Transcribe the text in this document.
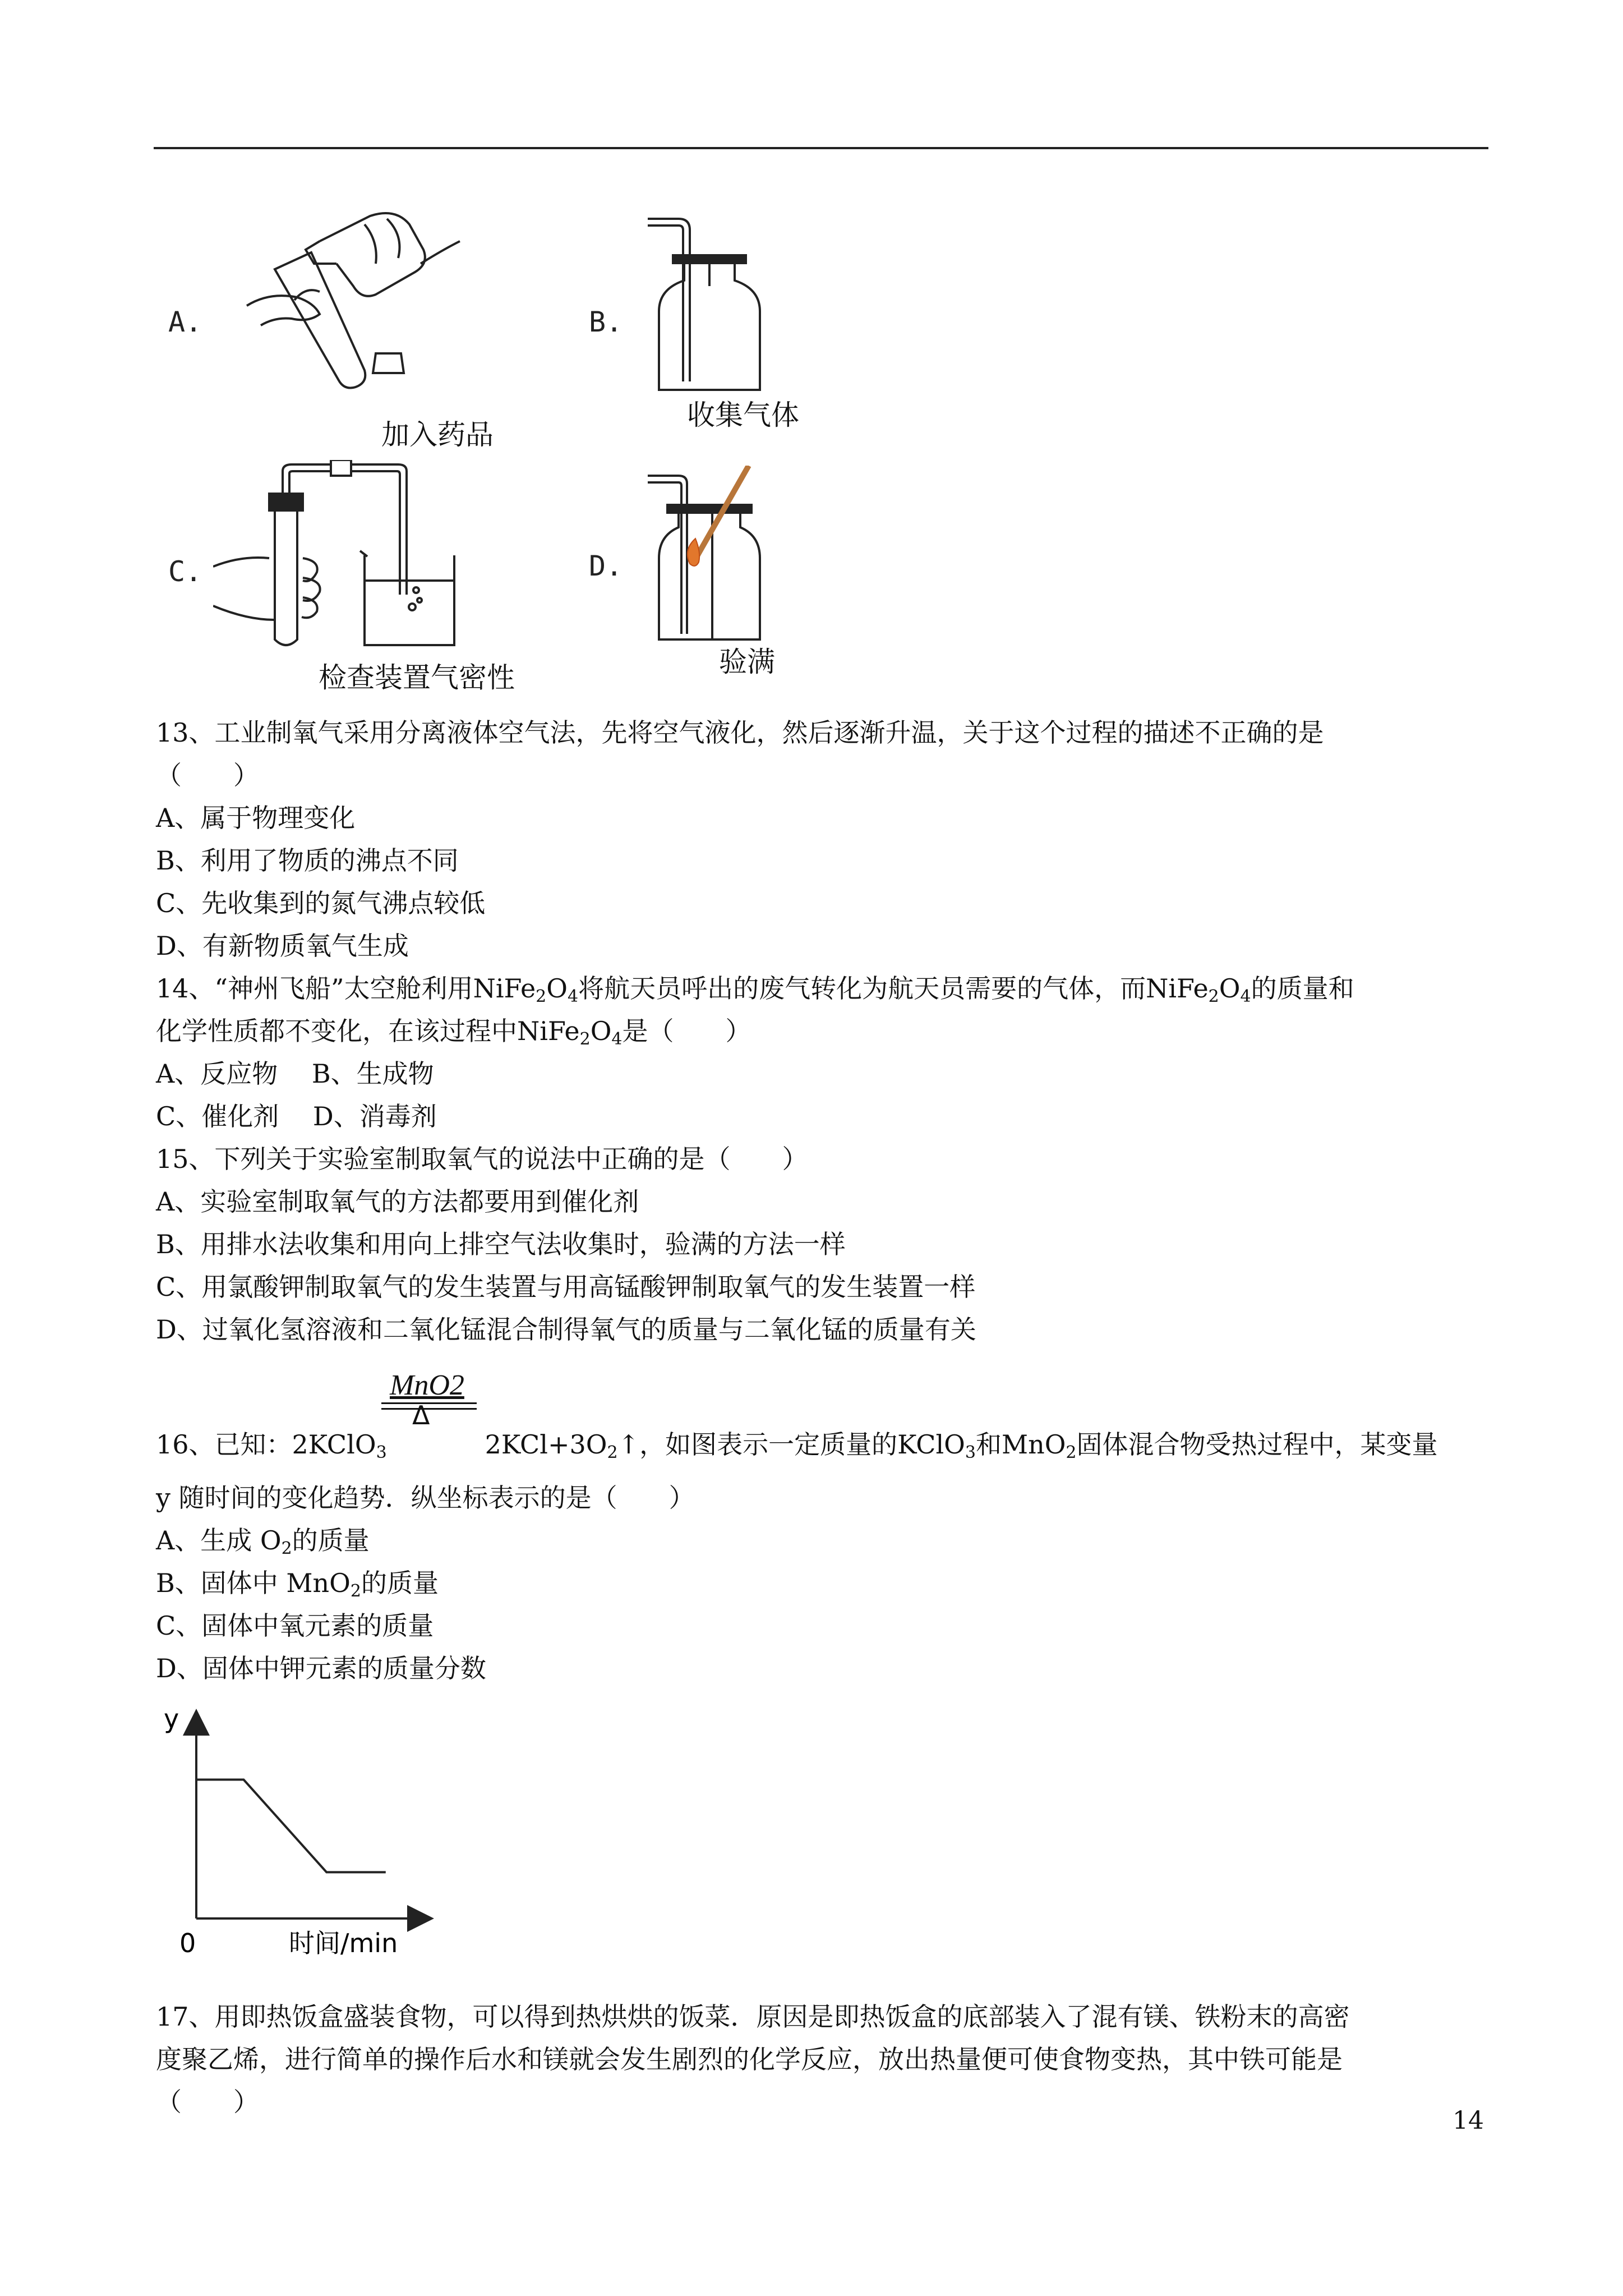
A.
加入药品
B.
收集气体
C.
检查装置气密性
D.
验满
13、工业制氧气采用分离液体空气法，先将空气液化，然后逐渐升温，关于这个过程的描述不正确的是
（　　）
A、属于物理变化
B、利用了物质的沸点不同
C、先收集到的氮气沸点较低
D、有新物质氧气生成
14、“神州飞船”太空舱利用$NiFe_2O_4$将航天员呼出的废气转化为航天员需要的气体，而$NiFe_2O_4$的质量和
化学性质都不变化，在该过程中$NiFe_2O_4$是（　　）
A、反应物　 B、生成物
C、催化剂　 D、消毒剂
15、下列关于实验室制取氧气的说法中正确的是（　　）
A、实验室制取氧气的方法都要用到催化剂
B、用排水法收集和用向上排空气法收集时，验满的方法一样
C、用氯酸钾制取氧气的发生装置与用高锰酸钾制取氧气的发生装置一样
D、过氧化氢溶液和二氧化锰混合制得氧气的质量与二氧化锰的质量有关
MnO2
Δ
16、已知：2KClO$_3$	$2KCl+3O_2↑$，如图表示一定质量的KClO$_3$和MnO$_2$固体混合物受热过程中，某变量
y 随时间的变化趋势．纵坐标表示的是（　　）
A、生成 $O_2$的质量
B、固体中 MnO$_2$的质量
C、固体中氧元素的质量
D、固体中钾元素的质量分数
y
0	时间/min
17、用即热饭盒盛装食物，可以得到热烘烘的饭菜．原因是即热饭盒的底部装入了混有镁、铁粉末的高密
度聚乙烯，进行简单的操作后水和镁就会发生剧烈的化学反应，放出热量便可使食物变热，其中铁可能是
（　　）
14
